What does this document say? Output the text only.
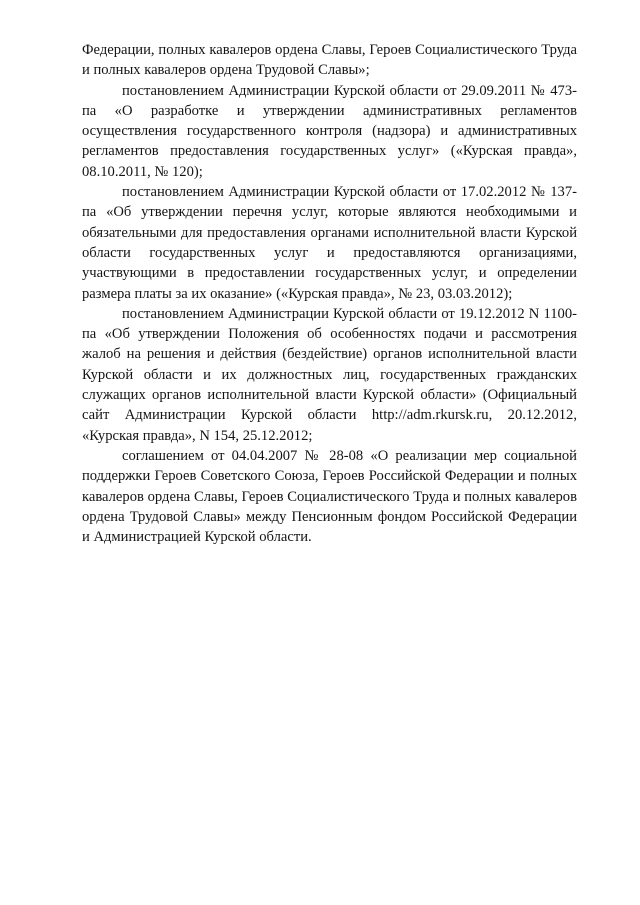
Федерации, полных кавалеров ордена Славы, Героев Социалистического Труда и полных кавалеров ордена Трудовой Славы»;

постановлением Администрации Курской области от 29.09.2011 № 473-па «О разработке и утверждении административных регламентов осуществления государственного контроля (надзора) и административных регламентов предоставления государственных услуг» («Курская правда», 08.10.2011, № 120);

постановлением Администрации Курской области от 17.02.2012 № 137-па «Об утверждении перечня услуг, которые являются необходимыми и обязательными для предоставления органами исполнительной власти Курской области государственных услуг и предоставляются организациями, участвующими в предоставлении государственных услуг, и определении размера платы за их оказание» («Курская правда», № 23, 03.03.2012);

постановлением Администрации Курской области от 19.12.2012 N 1100-па «Об утверждении Положения об особенностях подачи и рассмотрения жалоб на решения и действия (бездействие) органов исполнительной власти Курской области и их должностных лиц, государственных гражданских служащих органов исполнительной власти Курской области» (Официальный сайт Администрации Курской области http://adm.rkursk.ru, 20.12.2012, «Курская правда», N 154, 25.12.2012;

соглашением от 04.04.2007 № 28-08 «О реализации мер социальной поддержки Героев Советского Союза, Героев Российской Федерации и полных кавалеров ордена Славы, Героев Социалистического Труда и полных кавалеров ордена Трудовой Славы» между Пенсионным фондом Российской Федерации и Администрацией Курской области.
